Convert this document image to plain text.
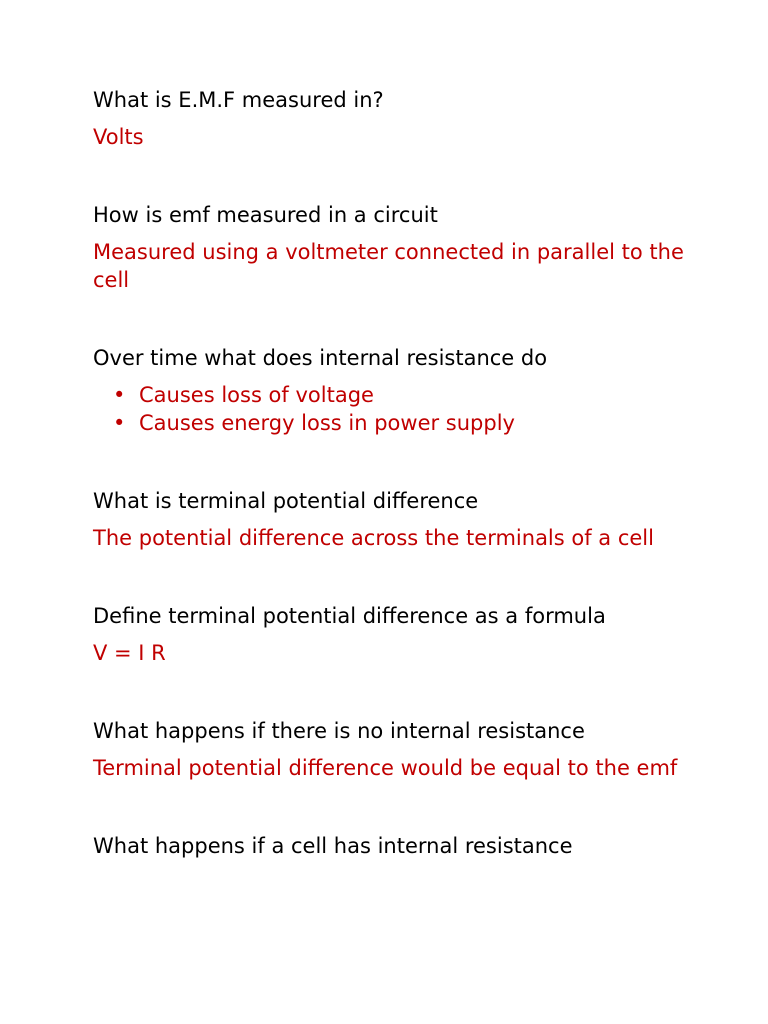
What is E.M.F measured in?

Volts

How is emf measured in a circuit

Measured using a voltmeter connected in parallel to the cell

Over time what does internal resistance do

• Causes loss of voltage
• Causes energy loss in power supply

What is terminal potential difference

The potential difference across the terminals of a cell

Define terminal potential difference as a formula

V = I R

What happens if there is no internal resistance

Terminal potential difference would be equal to the emf

What happens if a cell has internal resistance
